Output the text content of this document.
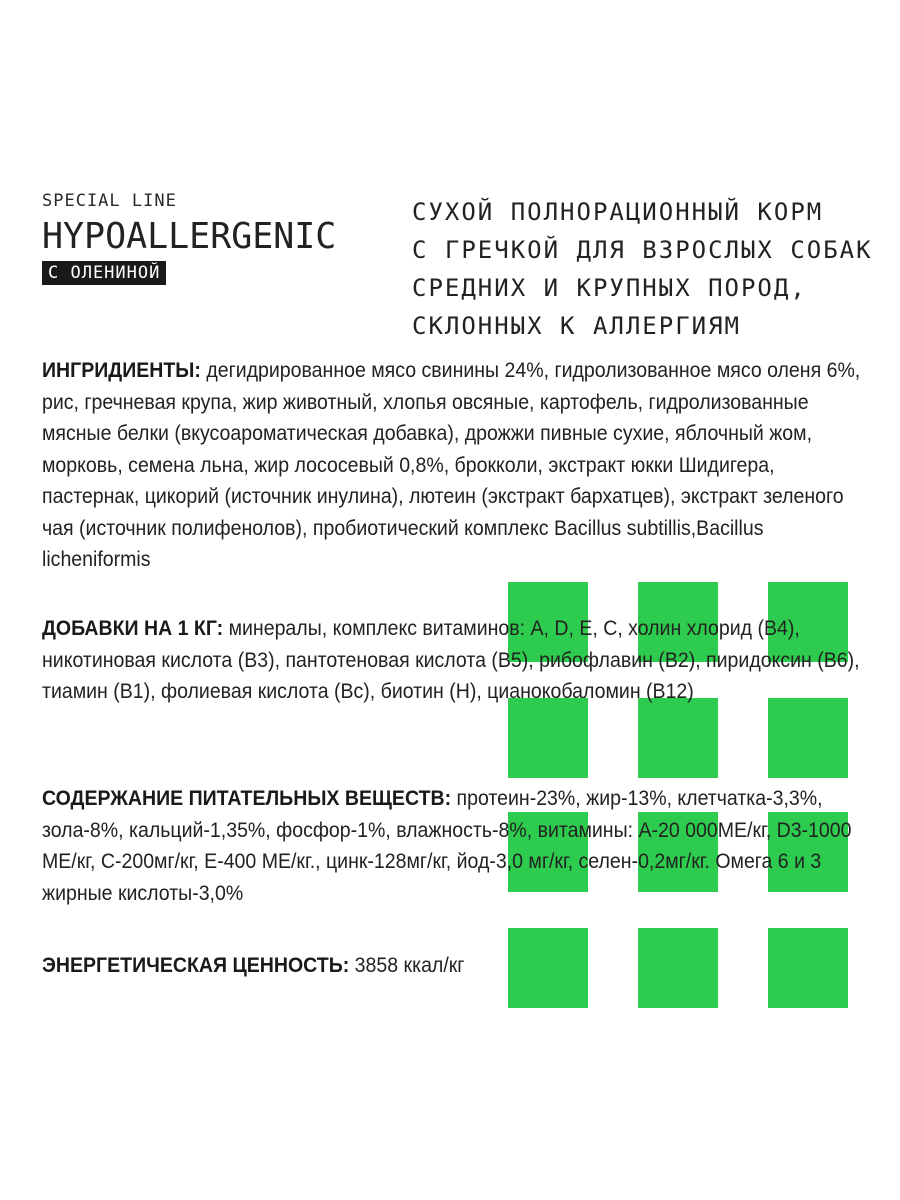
SPECIAL LINE
HYPOALLERGENIC
С ОЛЕНИНОЙ
СУХОЙ ПОЛНОРАЦИОННЫЙ КОРМ
С ГРЕЧКОЙ ДЛЯ ВЗРОСЛЫХ СОБАК
СРЕДНИХ И КРУПНЫХ ПОРОД,
СКЛОННЫХ К АЛЛЕРГИЯМ
ИНГРИДИЕНТЫ: дегидрированное мясо свинины 24%, гидролизованное мясо оленя 6%, рис, гречневая крупа, жир животный, хлопья овсяные, картофель, гидролизованные мясные белки (вкусоароматическая добавка), дрожжи пивные сухие, яблочный жом, морковь, семена льна, жир лососевый 0,8%, брокколи, экстракт юкки Шидигера, пастернак, цикорий (источник инулина), лютеин (экстракт бархатцев), экстракт зеленого чая (источник полифенолов), пробиотический комплекс Bacillus subtillis,Bacillus licheniformis
ДОБАВКИ НА 1 КГ: минералы, комплекс витаминов: A, D, E, C, холин хлорид (В4), никотиновая кислота (В3), пантотеновая кислота (В5), рибофлавин (В2), пиридоксин (В6), тиамин (В1), фолиевая кислота (Вс), биотин (Н), цианокобаломин (В12)
СОДЕРЖАНИЕ ПИТАТЕЛЬНЫХ ВЕЩЕСТВ: протеин-23%, жир-13%, клетчатка-3,3%, зола-8%, кальций-1,35%, фосфор-1%, влажность-8%, витамины: А-20 000МЕ/кг, D3-1000 МЕ/кг, С-200мг/кг, Е-400 МЕ/кг., цинк-128мг/кг, йод-3,0 мг/кг, селен-0,2мг/кг. Омега 6 и 3 жирные кислоты-3,0%
ЭНЕРГЕТИЧЕСКАЯ ЦЕННОСТЬ: 3858 ккал/кг
